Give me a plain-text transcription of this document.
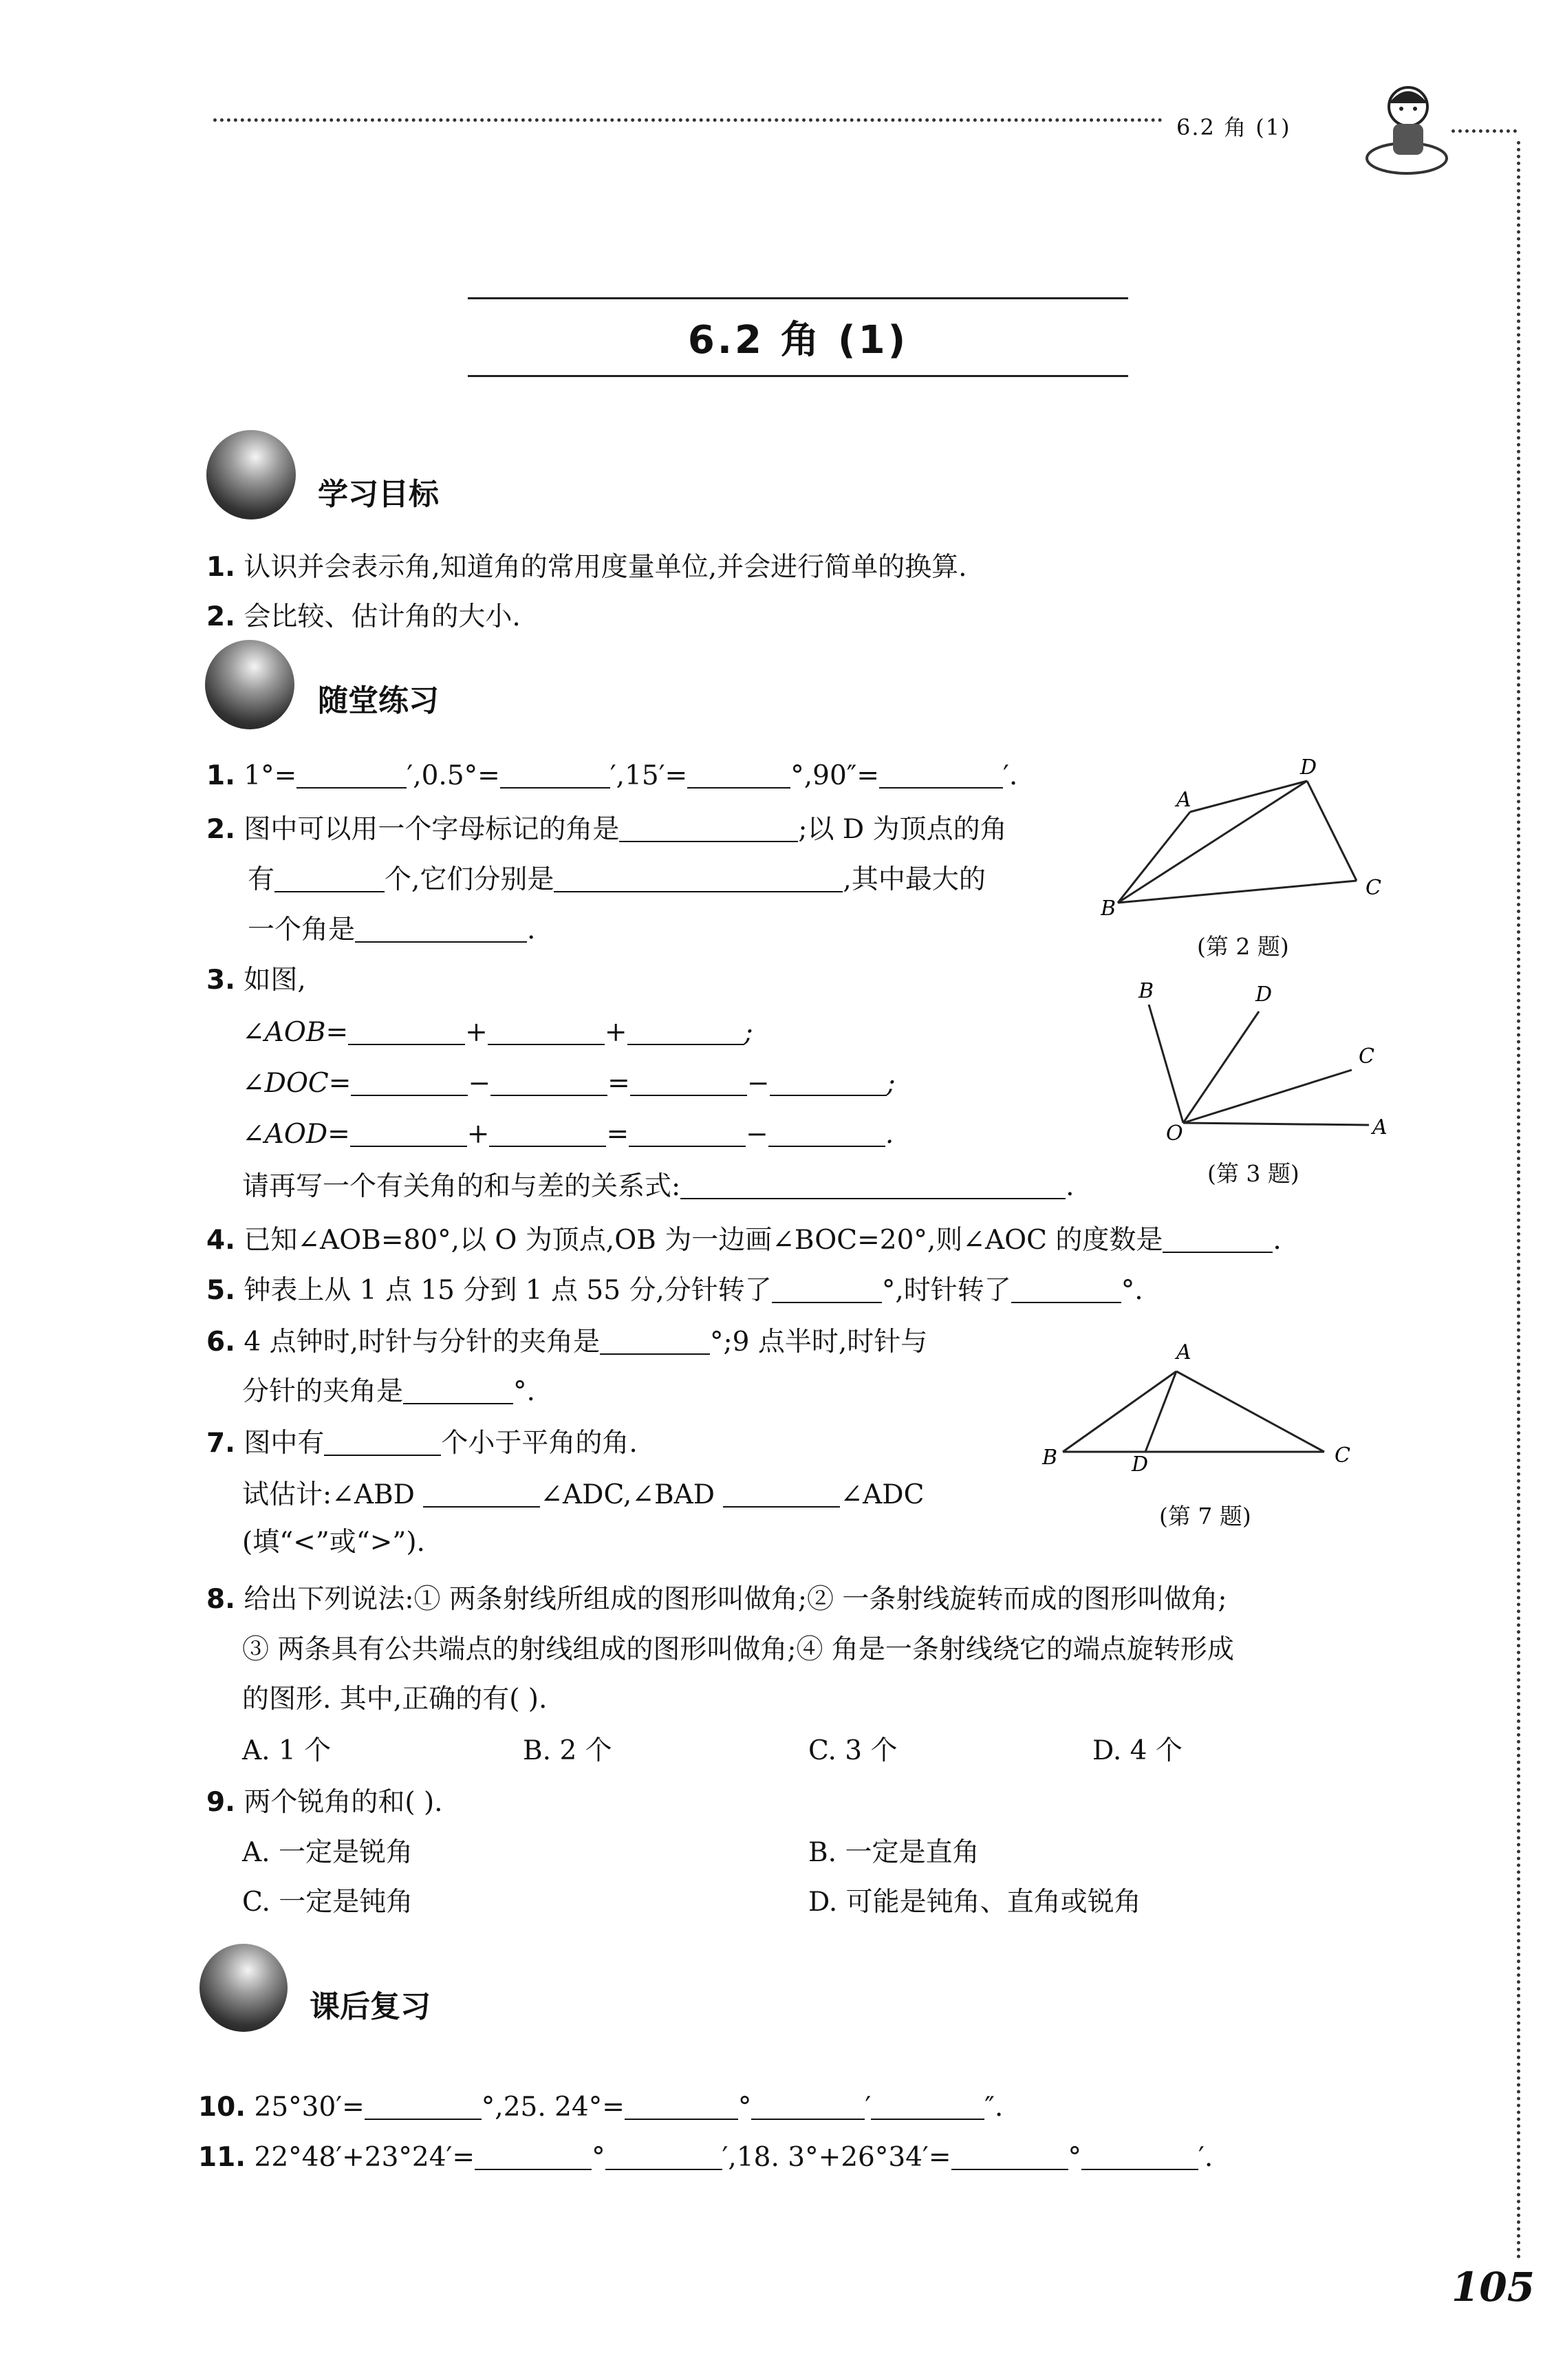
6.2 角 (1)
6.2 角 (1)
学习目标
1. 认识并会表示角,知道角的常用度量单位,并会进行简单的换算.
2. 会比较、估计角的大小.
随堂练习
1. 1°=	′,0.5°=	′,15′=	°,90″=	′.
2. 图中可以用一个字母标记的角是	;以 D 为顶点的角
有	个,它们分别是	,其中最大的
一个角是	.
A
D
B
C
(第 2 题)
3. 如图,
∠AOB=	+	+	;
∠DOC=	−	=	−	;
∠AOD=	+	=	−	.
请再写一个有关角的和与差的关系式:	.
B	D
C
O	A
(第 3 题)
4. 已知∠AOB=80°,以 O 为顶点,OB 为一边画∠BOC=20°,则∠AOC 的度数是	.
5. 钟表上从 1 点 15 分到 1 点 55 分,分针转了	°,时针转了	°.
6. 4 点钟时,时针与分针的夹角是	°;9 点半时,时针与
分针的夹角是	°.
A
B	D	C
(第 7 题)
7. 图中有	个小于平角的角.
试估计:∠ABD	∠ADC,∠BAD	∠ADC
(填“<”或“>”).
8. 给出下列说法:① 两条射线所组成的图形叫做角;② 一条射线旋转而成的图形叫做角;
③ 两条具有公共端点的射线组成的图形叫做角;④ 角是一条射线绕它的端点旋转形成
的图形. 其中,正确的有( ).
A. 1 个	B. 2 个	C. 3 个	D. 4 个
9. 两个锐角的和( ).
A. 一定是锐角	B. 一定是直角
C. 一定是钝角	D. 可能是钝角、直角或锐角
课后复习
10. 25°30′=	°,25. 24°=	°	′	″.
11. 22°48′+23°24′=	°	′,18. 3°+26°34′=	°	′.
105
